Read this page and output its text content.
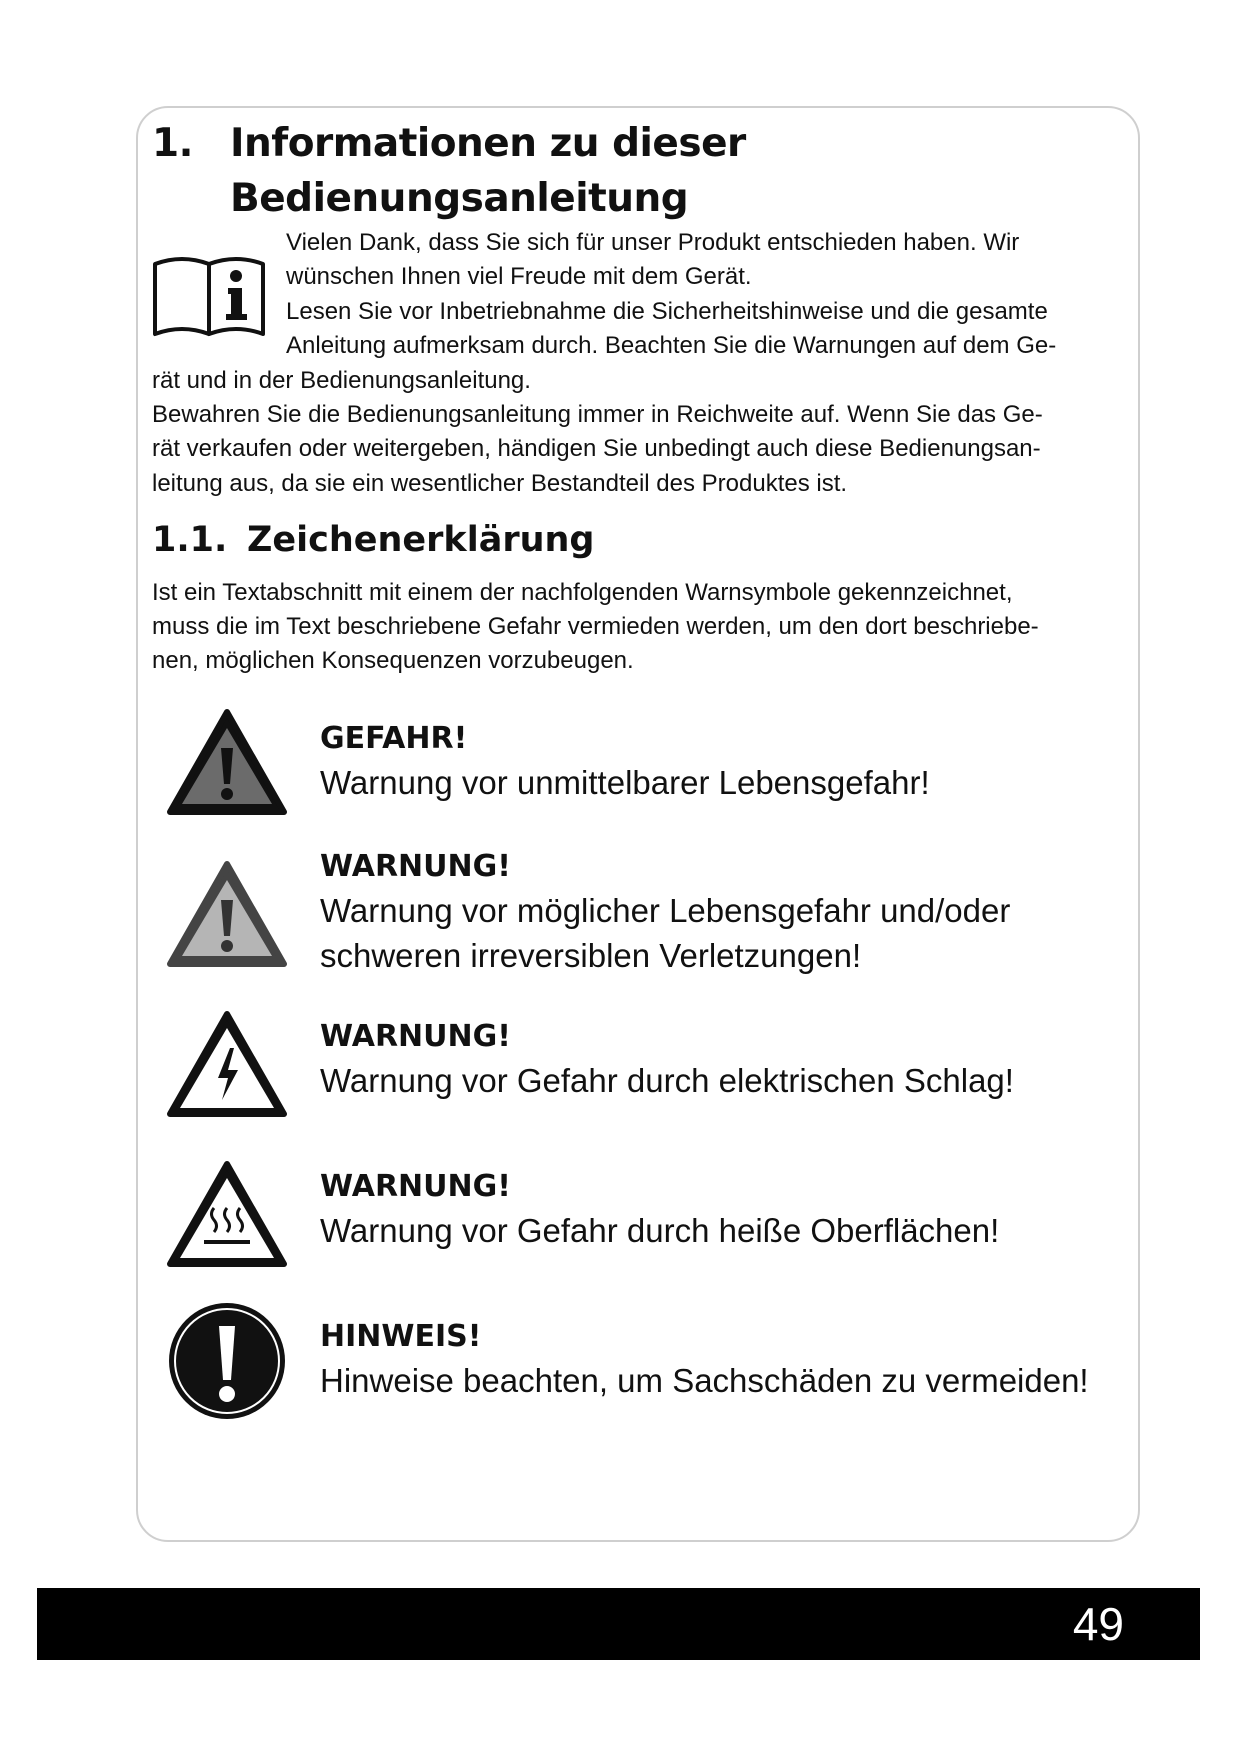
1. Informationen zu dieser
Bedienungsanleitung

Vielen Dank, dass Sie sich für unser Produkt entschieden haben. Wir
wünschen Ihnen viel Freude mit dem Gerät.
Lesen Sie vor Inbetriebnahme die Sicherheitshinweise und die gesamte
Anleitung aufmerksam durch. Beachten Sie die Warnungen auf dem Ge-
rät und in der Bedienungsanleitung.
Bewahren Sie die Bedienungsanleitung immer in Reichweite auf. Wenn Sie das Ge-
rät verkaufen oder weitergeben, händigen Sie unbedingt auch diese Bedienungsan-
leitung aus, da sie ein wesentlicher Bestandteil des Produktes ist.

1.1. Zeichenerklärung

Ist ein Textabschnitt mit einem der nachfolgenden Warnsymbole gekennzeichnet,
muss die im Text beschriebene Gefahr vermieden werden, um den dort beschriebe-
nen, möglichen Konsequenzen vorzubeugen.

GEFAHR!
Warnung vor unmittelbarer Lebensgefahr!
WARNUNG!
Warnung vor möglicher Lebensgefahr und/oder
schweren irreversiblen Verletzungen!
WARNUNG!
Warnung vor Gefahr durch elektrischen Schlag!
WARNUNG!
Warnung vor Gefahr durch heiße Oberflächen!
HINWEIS!
Hinweise beachten, um Sachschäden zu vermeiden!
49
